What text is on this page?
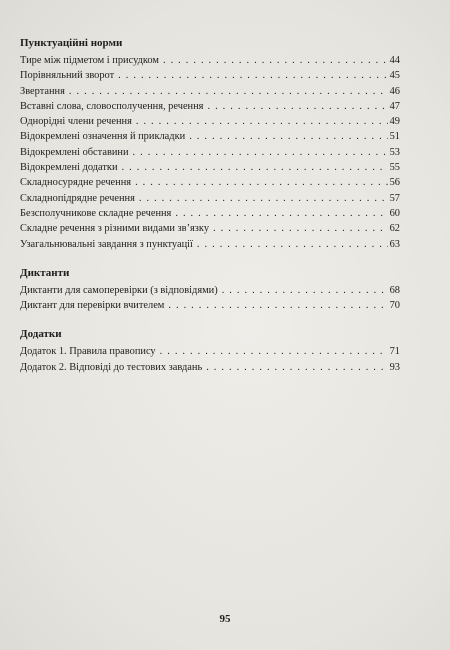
Пунктуаційні норми
Тире між підметом і присудком . . .	44
Порівняльний зворот . . .	45
Звертання . . .	46
Вставні слова, словосполучення, речення . . .	47
Однорідні члени речення . . .	49
Відокремлені означення й прикладки . . .	51
Відокремлені обставини . . .	53
Відокремлені додатки . . .	55
Складносурядне речення . . .	56
Складнопідрядне речення . . .	57
Безсполучникове складне речення . . .	60
Складне речення з різними видами зв’язку . . .	62
Узагальнювальні завдання з пунктуації . . .	63
Диктанти
Диктанти для самоперевірки (з відповідями) . . .	68
Диктант для перевірки вчителем . . .	70
Додатки
Додаток 1. Правила правопису . . .	71
Додаток 2. Відповіді до тестових завдань . . .	93
95
